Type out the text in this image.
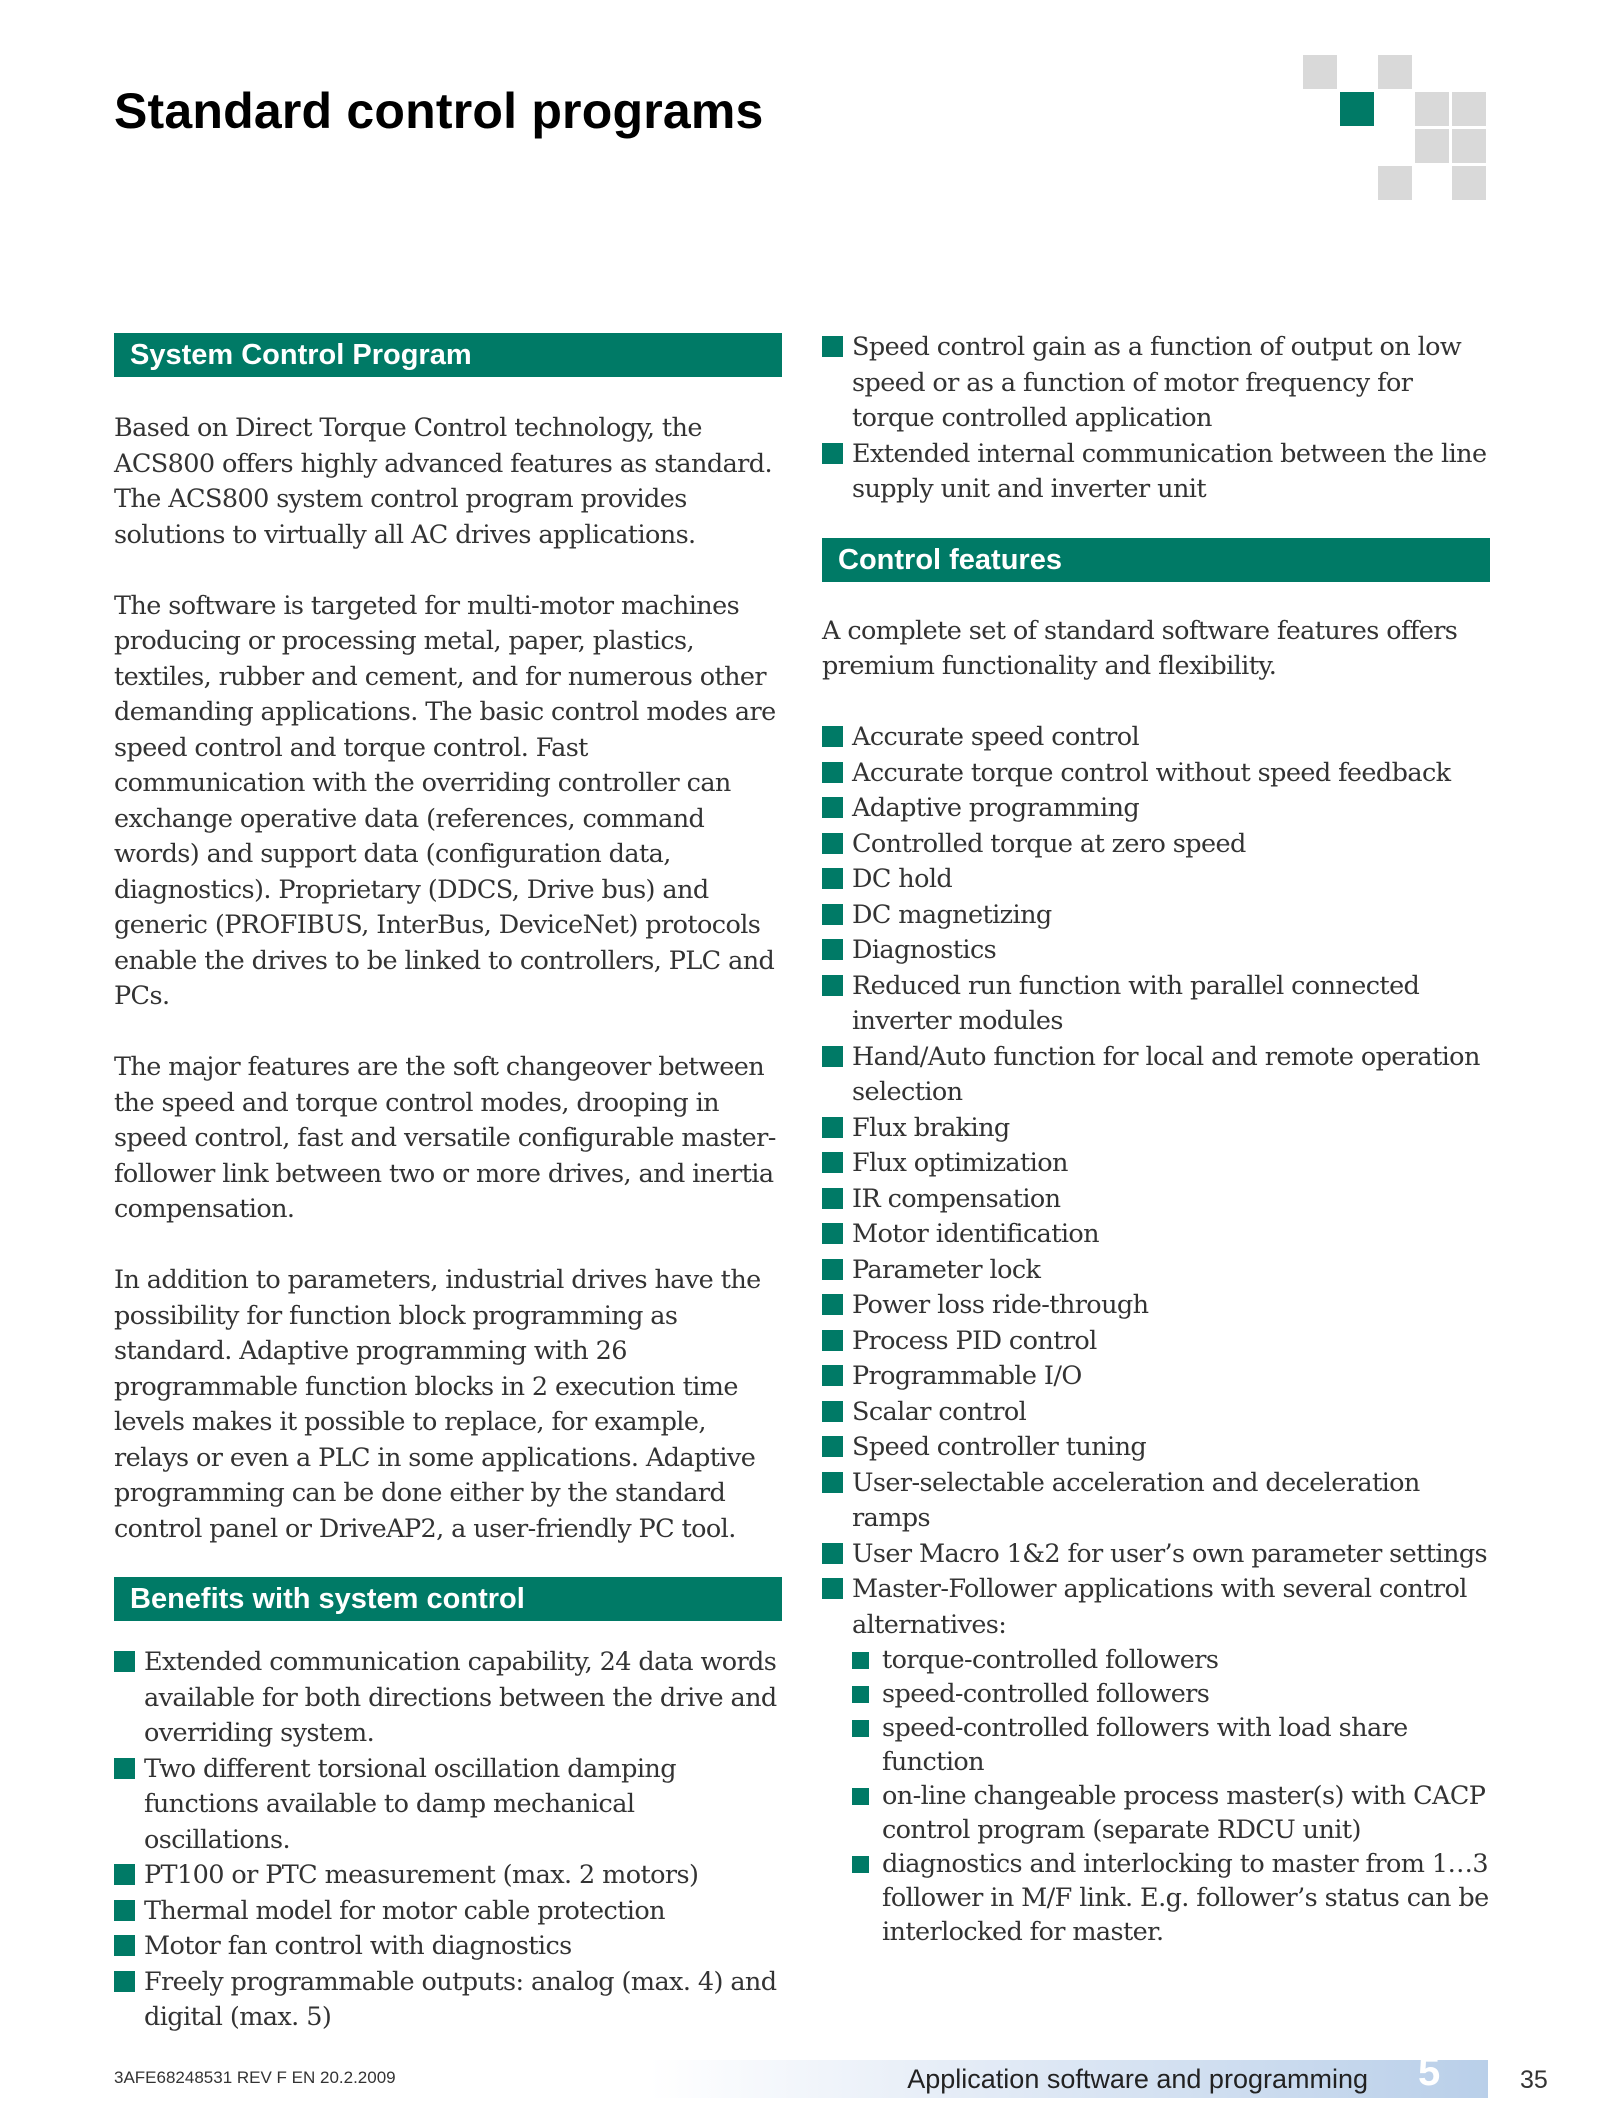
Standard control programs
System Control Program

Based on Direct Torque Control technology, the ACS800 offers highly advanced features as standard. The ACS800 system control program provides solutions to virtually all AC drives applications.

The software is targeted for multi-motor machines producing or processing metal, paper, plastics, textiles, rubber and cement, and for numerous other demanding applications. The basic control modes are speed control and torque control. Fast communication with the overriding controller can exchange operative data (references, command words) and support data (configuration data, diagnostics). Proprietary (DDCS, Drive bus) and generic (PROFIBUS, InterBus, DeviceNet) protocols enable the drives to be linked to controllers, PLC and PCs.

The major features are the soft changeover between the speed and torque control modes, drooping in speed control, fast and versatile configurable master-follower link between two or more drives, and inertia compensation.

In addition to parameters, industrial drives have the possibility for function block programming as standard. Adaptive programming with 26 programmable function blocks in 2 execution time levels makes it possible to replace, for example, relays or even a PLC in some applications. Adaptive programming can be done either by the standard control panel or DriveAP2, a user-friendly PC tool.

Benefits with system control
Extended communication capability, 24 data words available for both directions between the drive and overriding system.
Two different torsional oscillation damping functions available to damp mechanical oscillations.
PT100 or PTC measurement (max. 2 motors)
Thermal model for motor cable protection
Motor fan control with diagnostics
Freely programmable outputs: analog (max. 4) and digital (max. 5)
Speed control gain as a function of output on low speed or as a function of motor frequency for torque controlled application
Extended internal communication between the line supply unit and inverter unit
Control features

A complete set of standard software features offers premium functionality and flexibility.

Accurate speed control
Accurate torque control without speed feedback
Adaptive programming
Controlled torque at zero speed
DC hold
DC magnetizing
Diagnostics
Reduced run function with parallel connected inverter modules
Hand/Auto function for local and remote operation selection
Flux braking
Flux optimization
IR compensation
Motor identification
Parameter lock
Power loss ride-through
Process PID control
Programmable I/O
Scalar control
Speed controller tuning
User-selectable acceleration and deceleration ramps
User Macro 1&2 for user’s own parameter settings
Master-Follower applications with several control alternatives:
torque-controlled followers
speed-controlled followers
speed-controlled followers with load share function
on-line changeable process master(s) with CACP control program (separate RDCU unit)
diagnostics and interlocking to master from 1…3 follower in M/F link. E.g. follower’s status can be interlocked for master.
3AFE68248531 REV F EN 20.2.2009	Application software and programming 5	35
